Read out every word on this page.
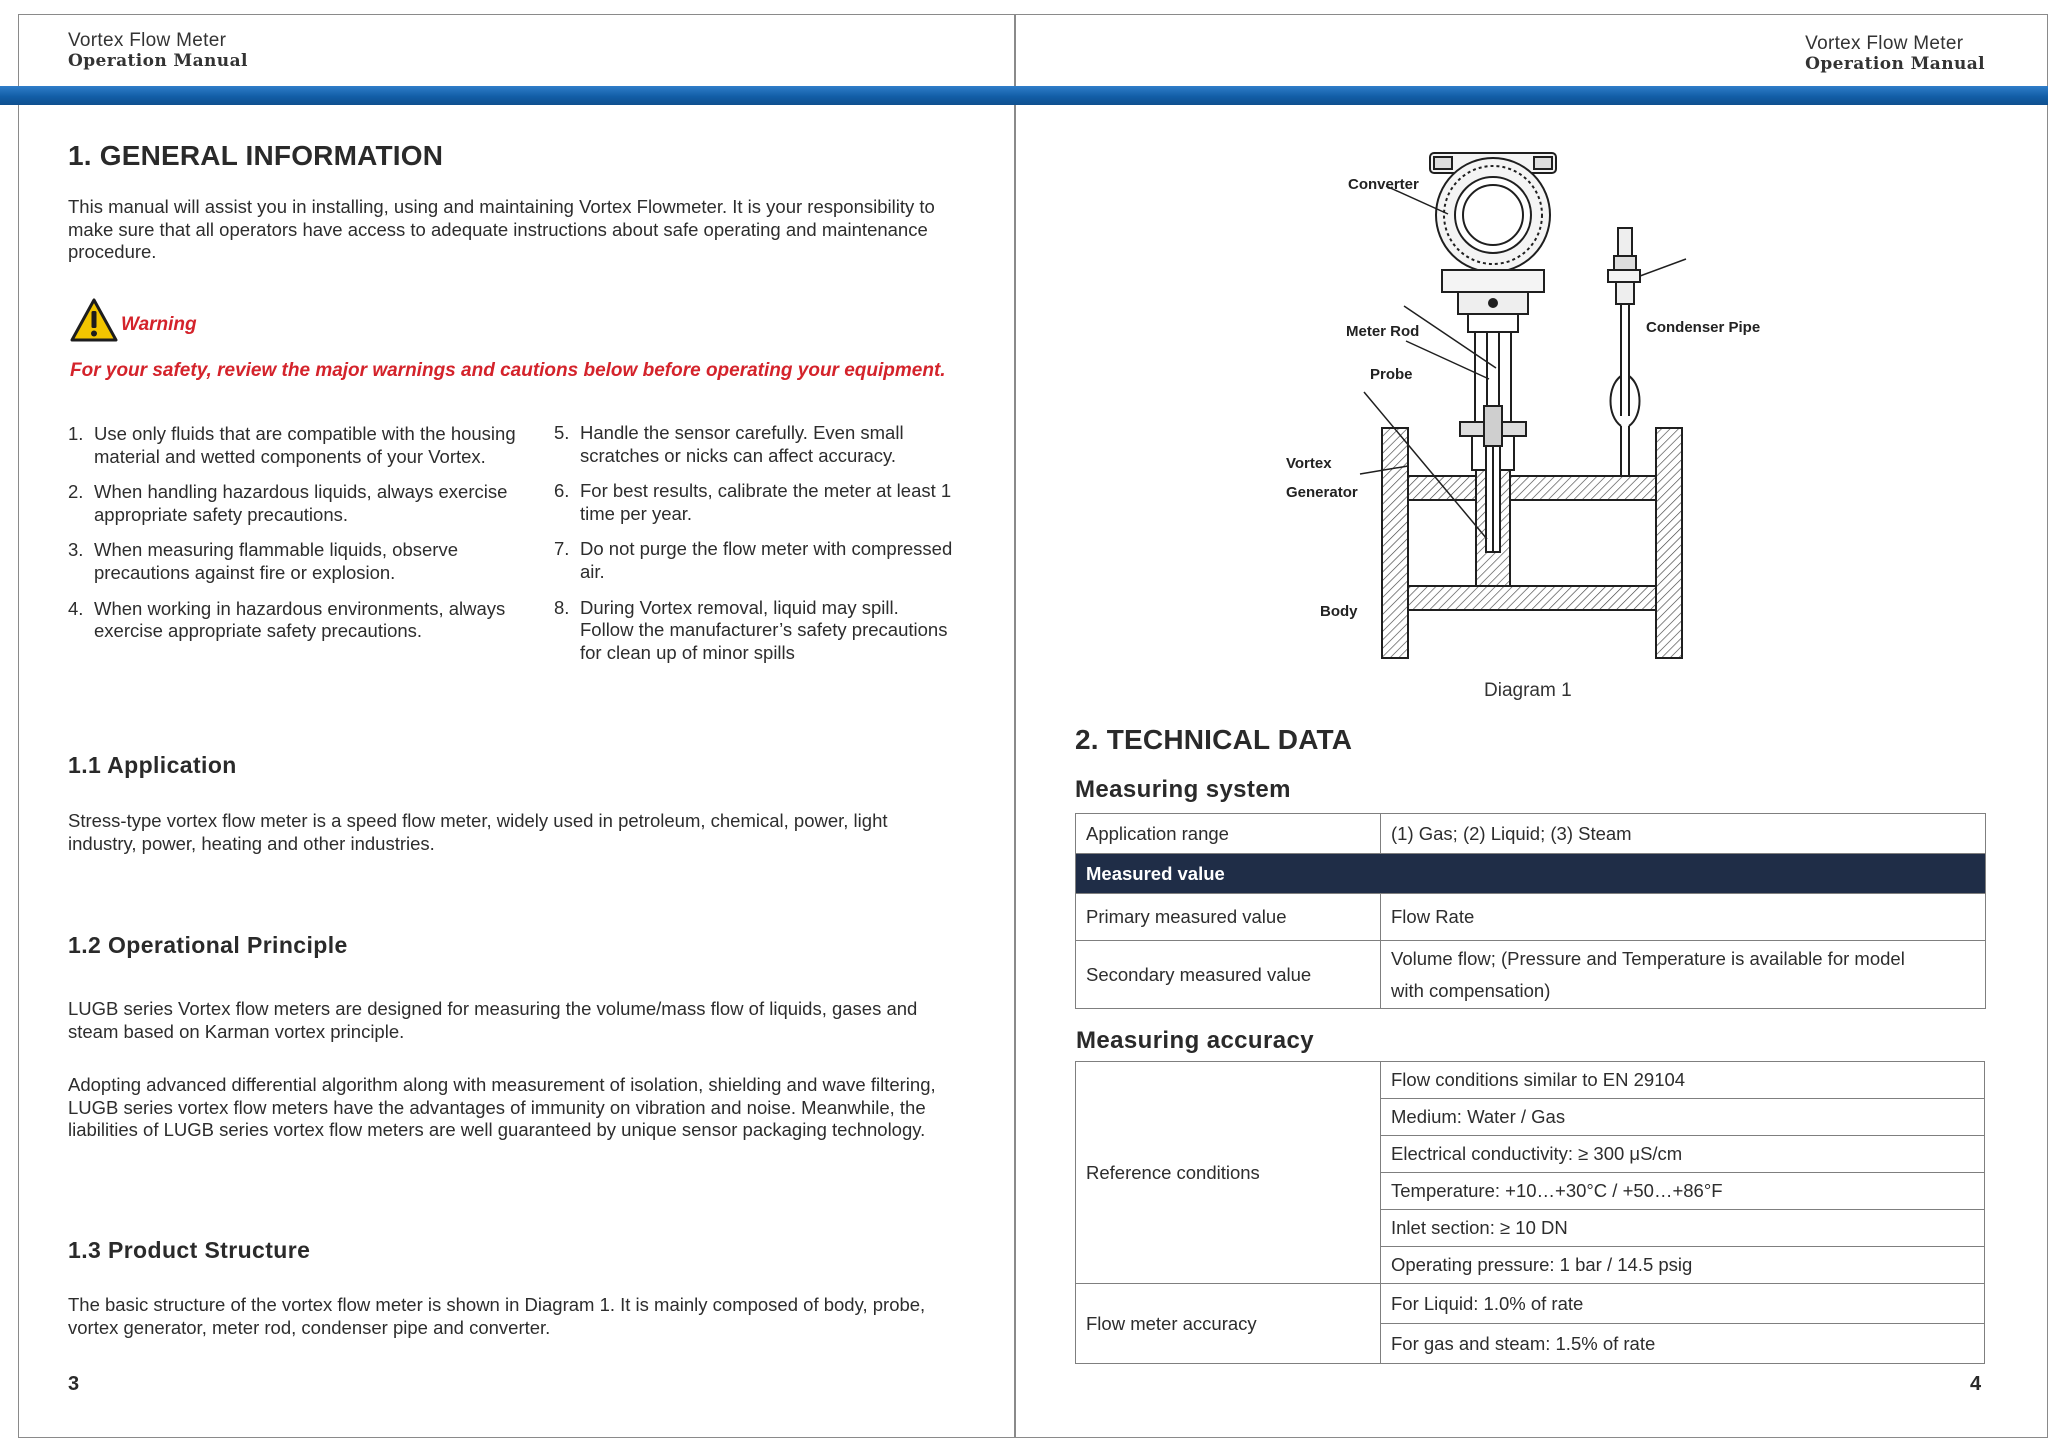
Vortex Flow Meter
Operation Manual
Vortex Flow Meter
Operation Manual
1. GENERAL INFORMATION
This manual will assist you in installing, using and maintaining Vortex Flowmeter. It is your responsibility to make sure that all operators have access to adequate instructions about safe operating and maintenance procedure.
Warning
For your safety, review the major warnings and cautions below before operating your equipment.
1. Use only fluids that are compatible with the housing material and wetted components of your Vortex.
2. When handling hazardous liquids, always exercise appropriate safety precautions.
3. When measuring flammable liquids, observe precautions against fire or explosion.
4. When working in hazardous environments, always exercise appropriate safety precautions.
5. Handle the sensor carefully. Even small scratches or nicks can affect accuracy.
6. For best results, calibrate the meter at least 1 time per year.
7. Do not purge the flow meter with compressed air.
8. During Vortex removal, liquid may spill. Follow the manufacturer’s safety precautions for clean up of minor spills
1.1 Application
Stress-type vortex flow meter is a speed flow meter, widely used in petroleum, chemical, power, light industry, power, heating and other industries.
1.2 Operational Principle
LUGB series Vortex flow meters are designed for measuring the volume/mass flow of liquids, gases and steam based on Karman vortex principle.
Adopting advanced differential algorithm along with measurement of isolation, shielding and wave filtering, LUGB series vortex flow meters have the advantages of immunity on vibration and noise. Meanwhile, the liabilities of LUGB series vortex flow meters are well guaranteed by unique sensor packaging technology.
1.3 Product Structure
The basic structure of the vortex flow meter is shown in Diagram 1. It is mainly composed of body, probe, vortex generator, meter rod, condenser pipe and converter.
3
Converter
Meter Rod
Probe
Vortex
Generator
Body
Condenser Pipe
Diagram 1
2. TECHNICAL DATA
Measuring system
Application range	(1) Gas; (2) Liquid; (3) Steam
Measured value	
Primary measured value	Flow Rate
Secondary measured value	Volume flow; (Pressure and Temperature is available for model
with compensation)
Measuring accuracy
Reference conditions	Flow conditions similar to EN 29104
	Medium: Water / Gas
	Electrical conductivity: ≥ 300 μS/cm
	Temperature: +10…+30°C / +50…+86°F
	Inlet section: ≥ 10 DN
	Operating pressure: 1 bar / 14.5 psig
Flow meter accuracy	For Liquid: 1.0% of rate
	For gas and steam: 1.5% of rate
4
